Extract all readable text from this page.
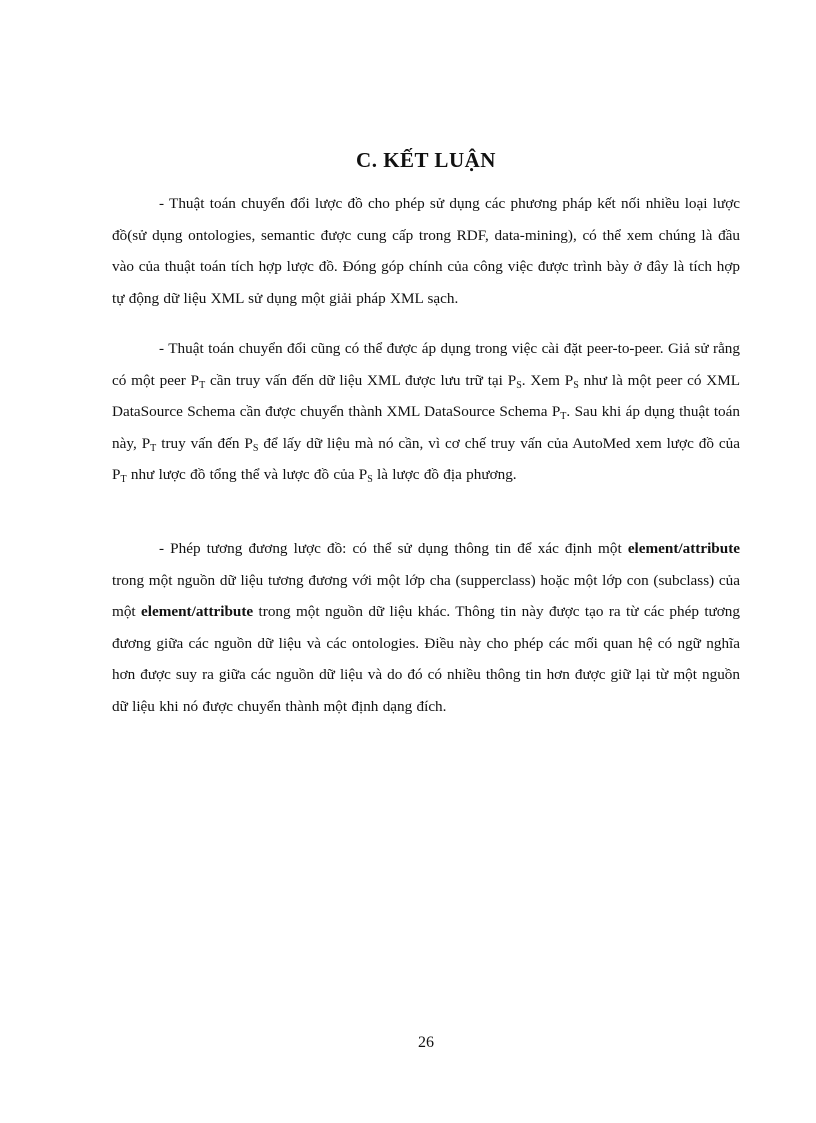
C. KẾT LUẬN

- Thuật toán chuyển đổi lược đồ cho phép sử dụng các phương pháp kết nối nhiều loại lược đồ(sử dụng ontologies, semantic được cung cấp trong RDF, data-mining), có thể xem chúng là đầu vào của thuật toán tích hợp lược đồ. Đóng góp chính của công việc được trình bày ở đây là tích hợp tự động dữ liệu XML sử dụng một giải pháp XML sạch.

- Thuật toán chuyển đổi cũng có thể được áp dụng trong việc cài đặt peer-to-peer. Giả sử rằng có một peer $P_T$ cần truy vấn đến dữ liệu XML được lưu trữ tại $P_S$. Xem $P_S$ như là một peer có XML DataSource Schema cần được chuyển thành XML DataSource Schema $P_T$. Sau khi áp dụng thuật toán này, $P_T$ truy vấn đến $P_S$ để lấy dữ liệu mà nó cần, vì cơ chế truy vấn của AutoMed xem lược đồ của $P_T$ như lược đồ tổng thể và lược đồ của $P_S$ là lược đồ địa phương.

- Phép tương đương lược đồ: có thể sử dụng thông tin để xác định một element/attribute trong một nguồn dữ liệu tương đương với một lớp cha (supperclass) hoặc một lớp con (subclass) của một element/attribute trong một nguồn dữ liệu khác. Thông tin này được tạo ra từ các phép tương đương giữa các nguồn dữ liệu và các ontologies. Điều này cho phép các mối quan hệ có ngữ nghĩa hơn được suy ra giữa các nguồn dữ liệu và do đó có nhiều thông tin hơn được giữ lại từ một nguồn dữ liệu khi nó được chuyển thành một định dạng đích.

26
